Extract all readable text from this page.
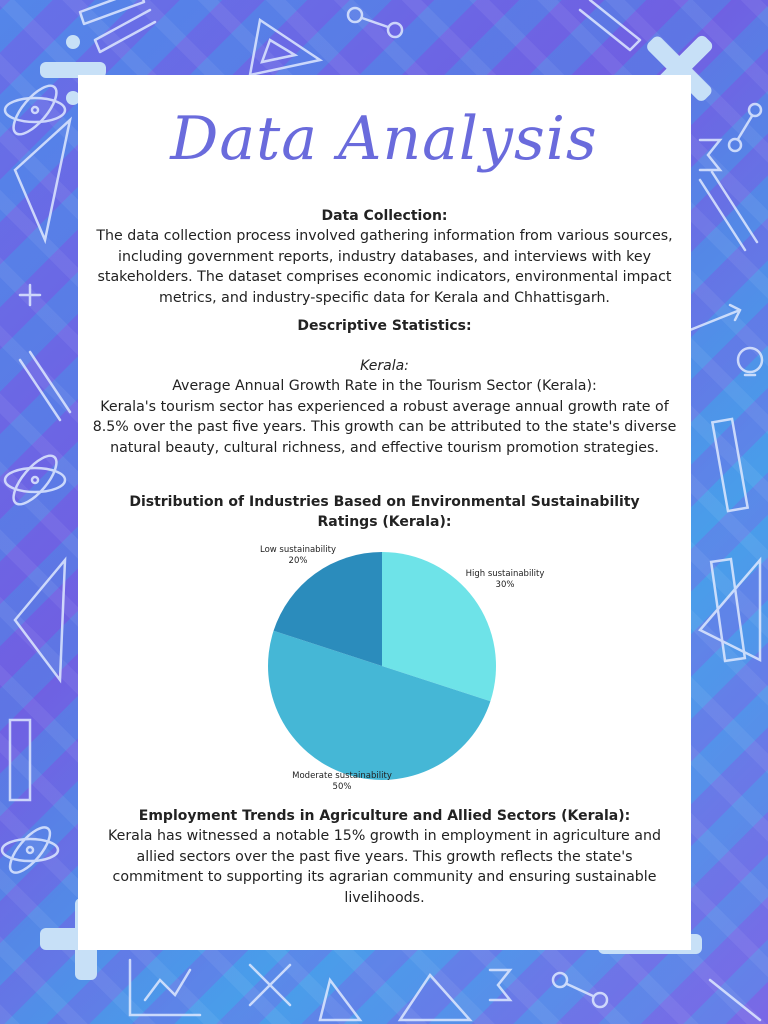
Data Analysis
Data Collection:
The data collection process involved gathering information from various sources, including government reports, industry databases, and interviews with key stakeholders. The dataset comprises economic indicators, environmental impact metrics, and industry-specific data for Kerala and Chhattisgarh.
Descriptive Statistics:
Kerala:
Average Annual Growth Rate in the Tourism Sector (Kerala):
Kerala's tourism sector has experienced a robust average annual growth rate of 8.5% over the past five years. This growth can be attributed to the state's diverse natural beauty, cultural richness, and effective tourism promotion strategies.
Distribution of Industries Based on Environmental Sustainability Ratings (Kerala):
High sustainability
30%
Moderate sustainability
50%
Low sustainability
20%
Employment Trends in Agriculture and Allied Sectors (Kerala):
Kerala has witnessed a notable 15% growth in employment in agriculture and allied sectors over the past five years. This growth reflects the state's commitment to supporting its agrarian community and ensuring sustainable livelihoods.
